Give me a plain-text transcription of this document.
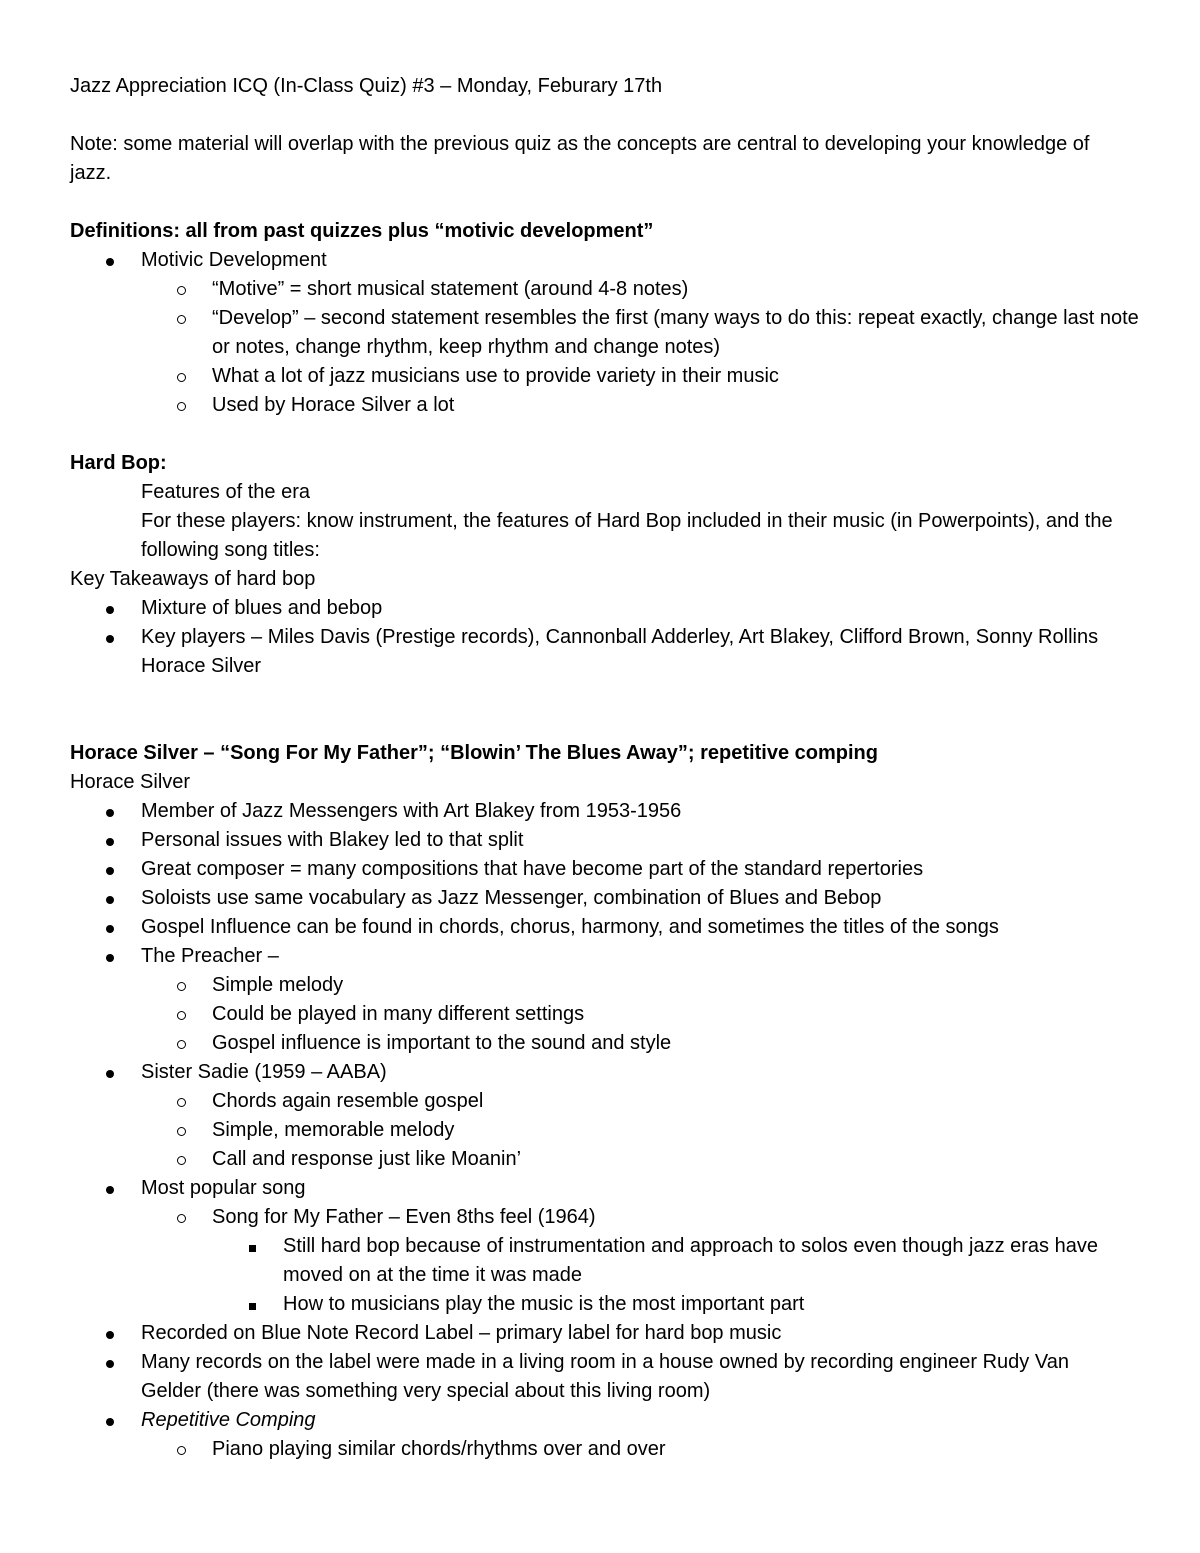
Jazz Appreciation ICQ (In-Class Quiz) #3 – Monday, Feburary 17th
Note: some material will overlap with the previous quiz as the concepts are central to developing your knowledge of jazz.
Definitions: all from past quizzes plus “motivic development”
Motivic Development
“Motive” = short musical statement (around 4-8 notes)
“Develop” – second statement resembles the first (many ways to do this: repeat exactly, change last note or notes, change rhythm, keep rhythm and change notes)
What a lot of jazz musicians use to provide variety in their music
Used by Horace Silver a lot
Hard Bop:
Features of the era
For these players: know instrument, the features of Hard Bop included in their music (in Powerpoints), and the following song titles:
Key Takeaways of hard bop
Mixture of blues and bebop
Key players – Miles Davis (Prestige records), Cannonball Adderley, Art Blakey, Clifford Brown, Sonny Rollins Horace Silver
Horace Silver – “Song For My Father”; “Blowin’ The Blues Away”; repetitive comping
Horace Silver
Member of Jazz Messengers with Art Blakey from 1953-1956
Personal issues with Blakey led to that split
Great composer = many compositions that have become part of the standard repertories
Soloists use same vocabulary as Jazz Messenger, combination of Blues and Bebop
Gospel Influence can be found in chords, chorus, harmony, and sometimes the titles of the songs
The Preacher –
Simple melody
Could be played in many different settings
Gospel influence is important to the sound and style
Sister Sadie (1959 – AABA)
Chords again resemble gospel
Simple, memorable melody
Call and response just like Moanin’
Most popular song
Song for My Father – Even 8ths feel (1964)
Still hard bop because of instrumentation and approach to solos even though jazz eras have moved on at the time it was made
How to musicians play the music is the most important part
Recorded on Blue Note Record Label – primary label for hard bop music
Many records on the label were made in a living room in a house owned by recording engineer Rudy Van Gelder (there was something very special about this living room)
Repetitive Comping
Piano playing similar chords/rhythms over and over
